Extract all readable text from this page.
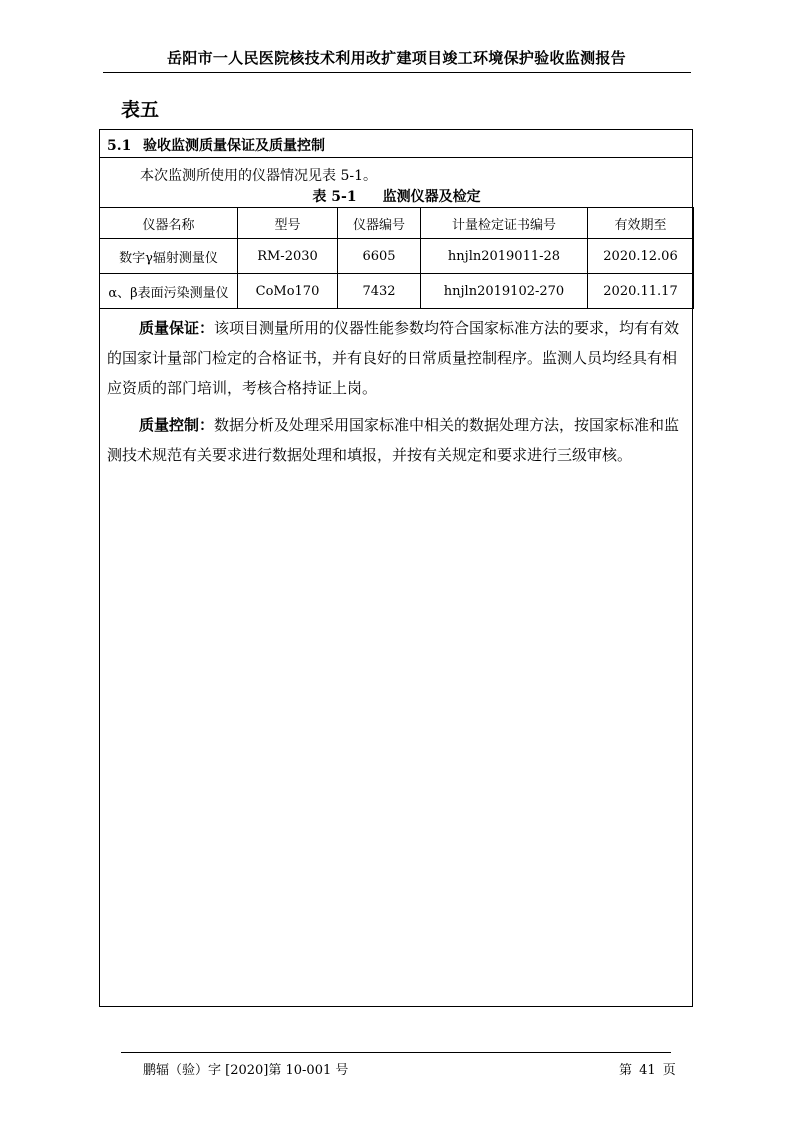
岳阳市一人民医院核技术利用改扩建项目竣工环境保护验收监测报告
表五
5.1 验收监测质量保证及质量控制
本次监测所使用的仪器情况见表 5-1。
表 5-1 监测仪器及检定
仪器名称	型号	仪器编号	计量检定证书编号	有效期至
数字γ辐射测量仪	RM-2030	6605	hnjln2019011-28	2020.12.06
α、β表面污染测量仪	CoMo170	7432	hnjln2019102-270	2020.11.17
质量保证：该项目测量所用的仪器性能参数均符合国家标准方法的要求，均有有效的国家计量部门检定的合格证书，并有良好的日常质量控制程序。监测人员均经具有相应资质的部门培训，考核合格持证上岗。
质量控制：数据分析及处理采用国家标准中相关的数据处理方法，按国家标准和监测技术规范有关要求进行数据处理和填报，并按有关规定和要求进行三级审核。
鹏辐（验）字 [2020]第 10-001 号	第 41 页
